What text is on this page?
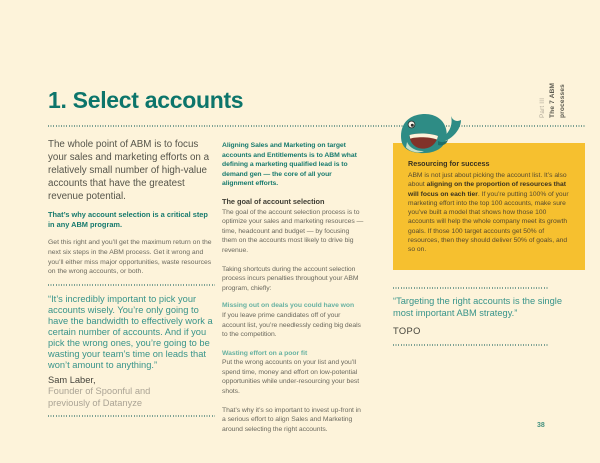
1. Select accounts	Part III The 7 ABM processes

The whole point of ABM is to focus your sales and marketing efforts on a relatively small number of high-value accounts that have the greatest revenue potential.

That’s why account selection is a critical step in any ABM program.

Get this right and you’ll get the maximum return on the next six steps in the ABM process. Get it wrong and you’ll either miss major opportunities, waste resources on the wrong accounts, or both.

“It’s incredibly important to pick your accounts wisely. You’re only going to have the bandwidth to effectively work a certain number of accounts. And if you pick the wrong ones, you’re going to be wasting your team’s time on leads that won’t amount to anything.”

Sam Laber,

Founder of Spoonful and

previously of Datanyze

Aligning Sales and Marketing on target accounts and Entitlements is to ABM what defining a marketing qualified lead is to demand gen — the core of all your alignment efforts.

The goal of account selection

The goal of the account selection process is to optimize your sales and marketing resources — time, headcount and budget — by focusing them on the accounts most likely to drive big revenue.

Taking shortcuts during the account selection process incurs penalties throughout your ABM program, chiefly:

Missing out on deals you could have won

If you leave prime candidates off of your account list, you’re needlessly ceding big deals to the competition.

Wasting effort on a poor fit

Put the wrong accounts on your list and you’ll spend time, money and effort on low-potential opportunities while under-resourcing your best shots.

That’s why it’s so important to invest up-front in a serious effort to align Sales and Marketing around selecting the right accounts.

Resourcing for success

ABM is not just about picking the account list. It’s also about aligning on the proportion of resources that will focus on each tier. If you’re putting 100% of your marketing effort into the top 100 accounts, make sure you’ve built a model that shows how those 100 accounts will help the whole company meet its growth goals. If those 100 target accounts get 50% of resources, then they should deliver 50% of goals, and so on.

“Targeting the right accounts is the single most important ABM strategy.”

TOPO

38
